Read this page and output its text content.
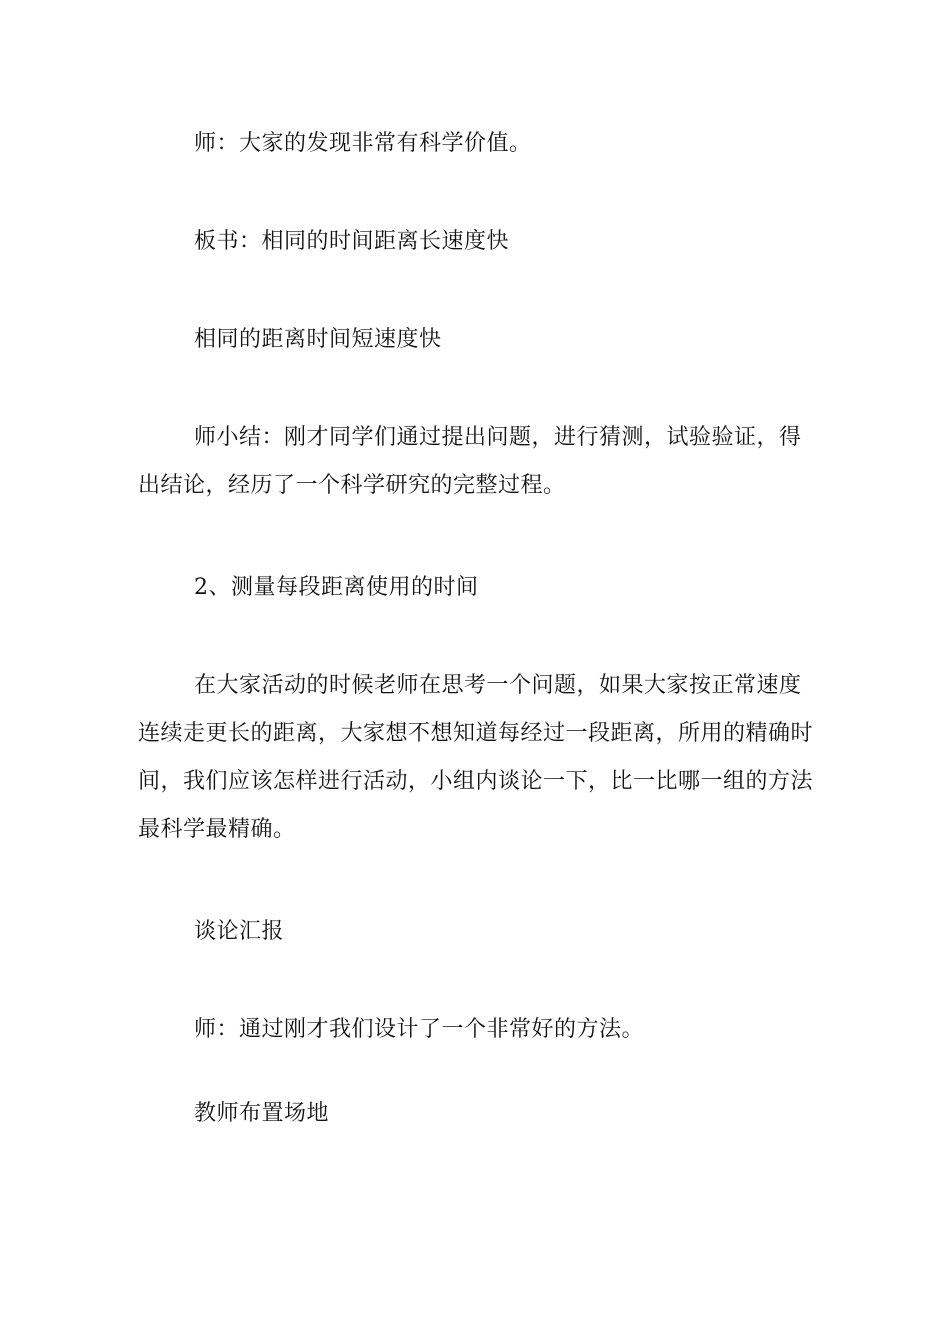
师：大家的发现非常有科学价值。

板书：相同的时间距离长速度快

相同的距离时间短速度快

师小结：刚才同学们通过提出问题，进行猜测，试验验证，得出结论，经历了一个科学研究的完整过程。

2、测量每段距离使用的时间

在大家活动的时候老师在思考一个问题，如果大家按正常速度连续走更长的距离，大家想不想知道每经过一段距离，所用的精确时间，我们应该怎样进行活动，小组内谈论一下，比一比哪一组的方法最科学最精确。

谈论汇报

师：通过刚才我们设计了一个非常好的方法。

教师布置场地
